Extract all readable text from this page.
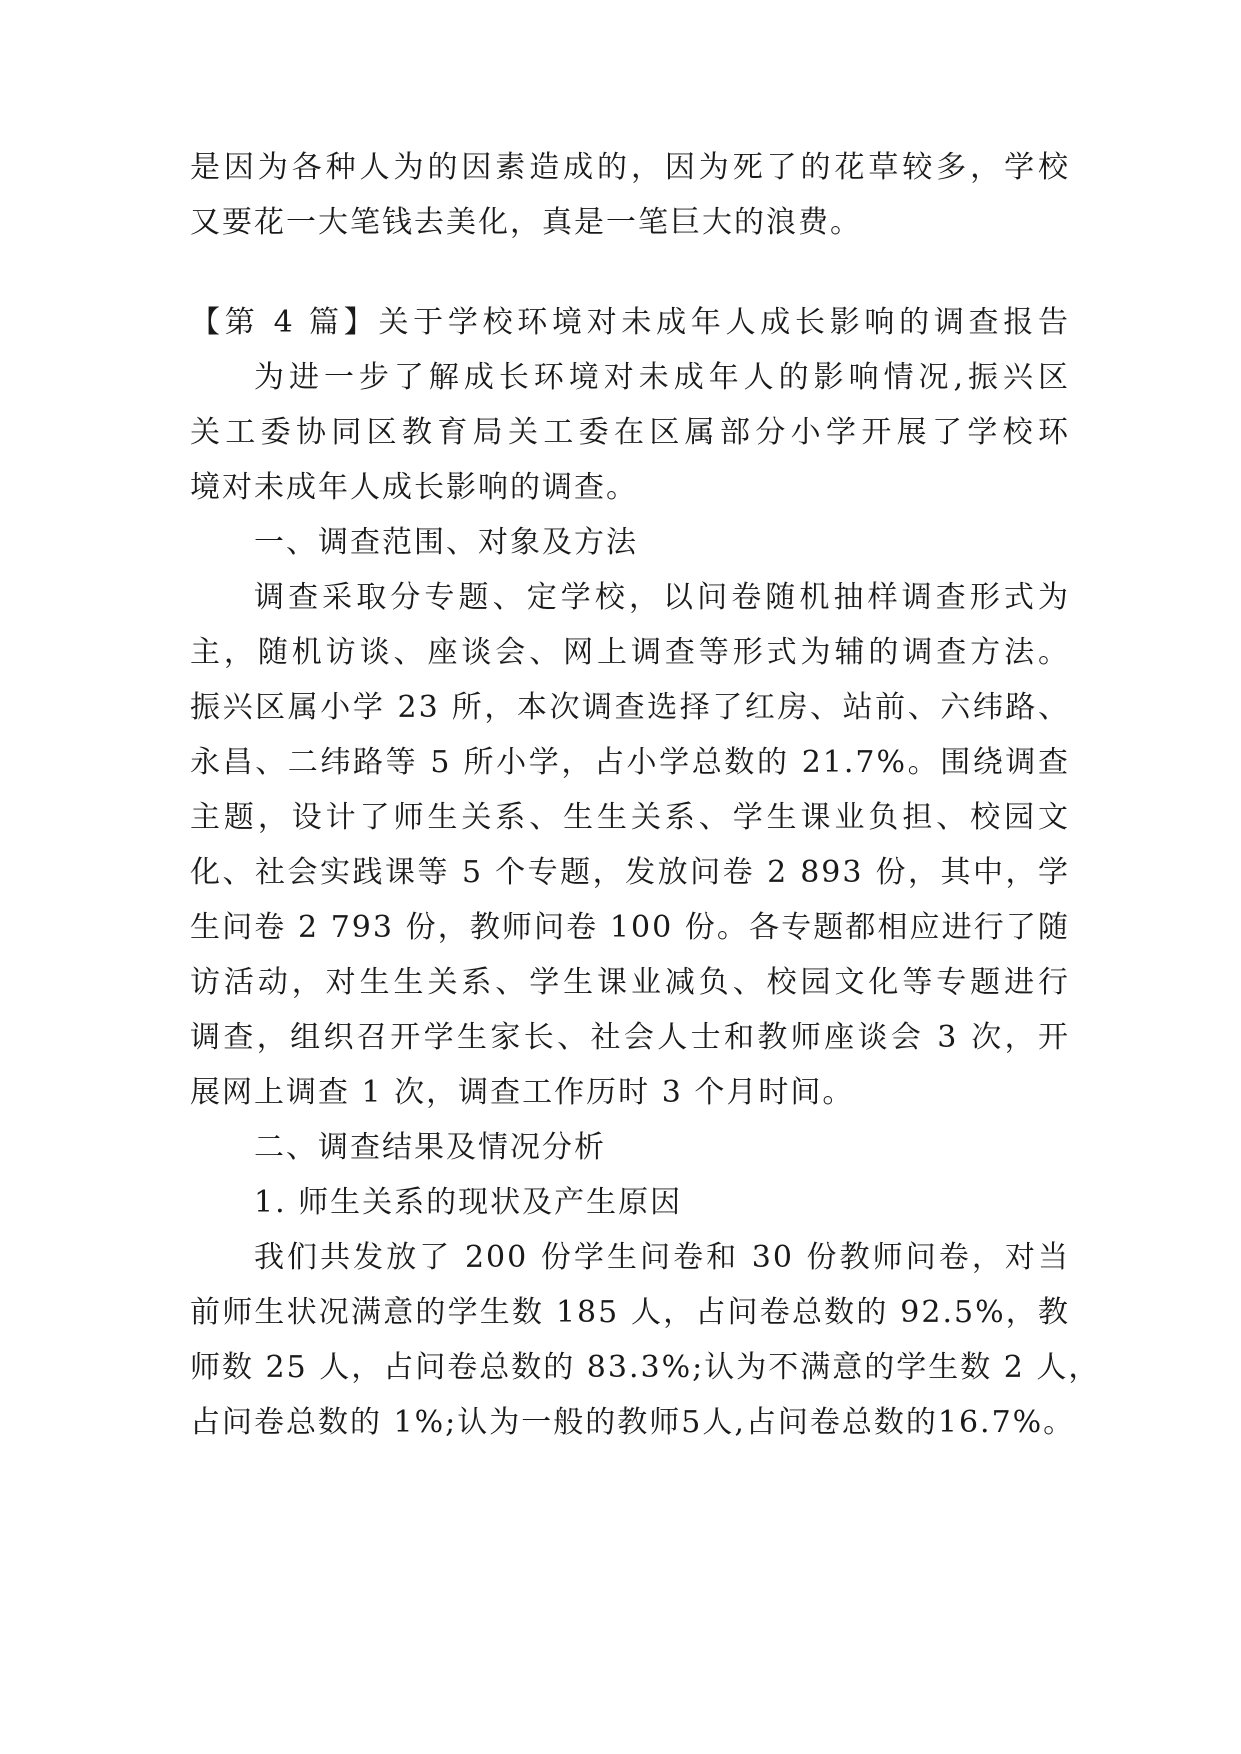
是因为各种人为的因素造成的，因为死了的花草较多，学校
又要花一大笔钱去美化，真是一笔巨大的浪费。
【第 4 篇】关于学校环境对未成年人成长影响的调查报告
为进一步了解成长环境对未成年人的影响情况,振兴区
关工委协同区教育局关工委在区属部分小学开展了学校环
境对未成年人成长影响的调查。
一、调查范围、对象及方法
调查采取分专题、定学校，以问卷随机抽样调查形式为
主，随机访谈、座谈会、网上调查等形式为辅的调查方法。
振兴区属小学 23 所，本次调查选择了红房、站前、六纬路、
永昌、二纬路等 5 所小学，占小学总数的 21.7%。围绕调查
主题，设计了师生关系、生生关系、学生课业负担、校园文
化、社会实践课等 5 个专题，发放问卷 2 893 份，其中，学
生问卷 2 793 份，教师问卷 100 份。各专题都相应进行了随
访活动，对生生关系、学生课业减负、校园文化等专题进行
调查，组织召开学生家长、社会人士和教师座谈会 3 次，开
展网上调查 1 次，调查工作历时 3 个月时间。
二、调查结果及情况分析
1. 师生关系的现状及产生原因
我们共发放了 200 份学生问卷和 30 份教师问卷，对当
前师生状况满意的学生数 185 人，占问卷总数的 92.5%，教
师数 25 人，占问卷总数的 83.3%;认为不满意的学生数 2 人，
占问卷总数的 1%;认为一般的教师5人,占问卷总数的16.7%。
